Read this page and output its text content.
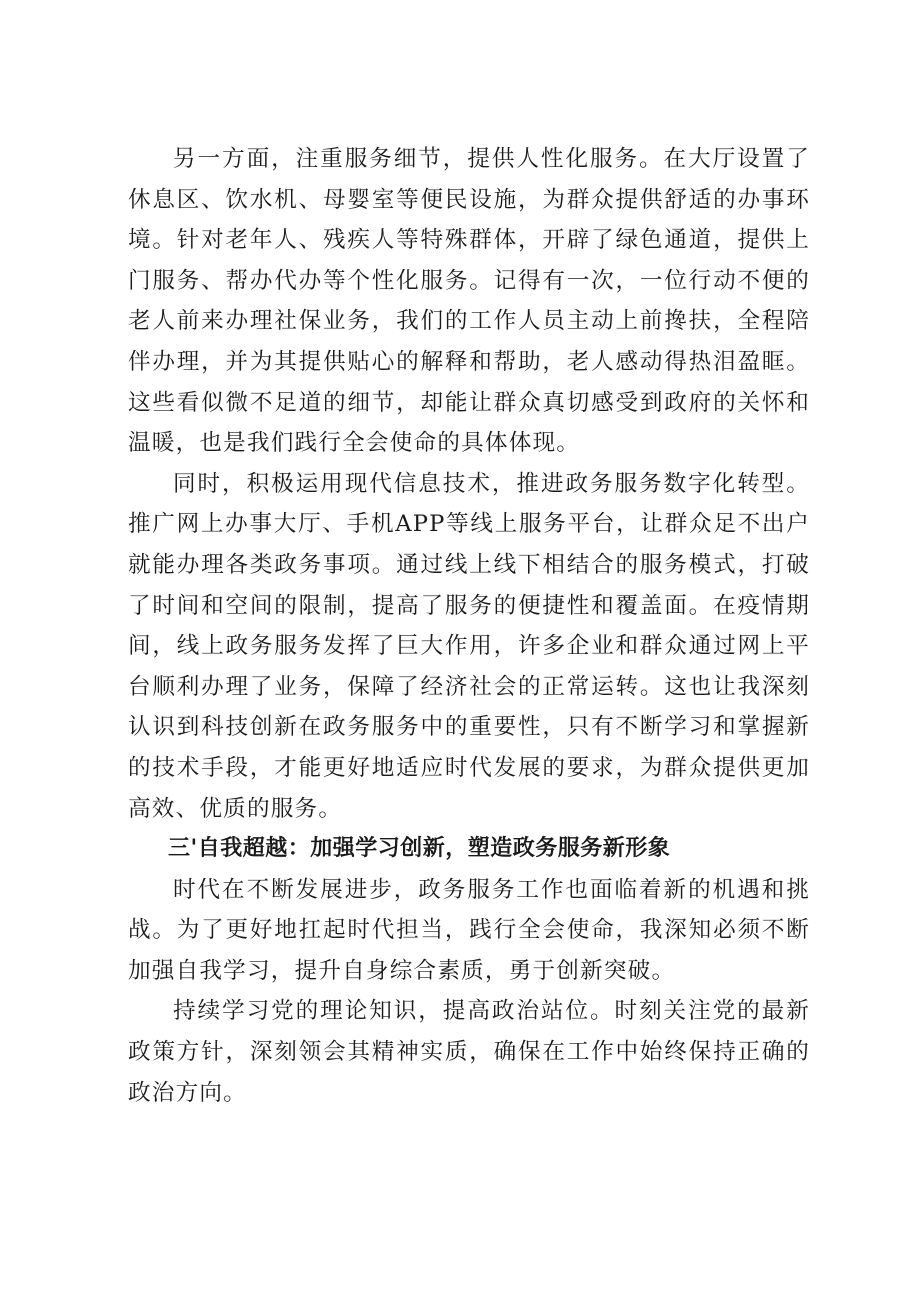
另一方面，注重服务细节，提供人性化服务。在大厅设置了休息区、饮水机、母婴室等便民设施，为群众提供舒适的办事环境。针对老年人、残疾人等特殊群体，开辟了绿色通道，提供上门服务、帮办代办等个性化服务。记得有一次，一位行动不便的老人前来办理社保业务，我们的工作人员主动上前搀扶，全程陪伴办理，并为其提供贴心的解释和帮助，老人感动得热泪盈眶。这些看似微不足道的细节，却能让群众真切感受到政府的关怀和温暖，也是我们践行全会使命的具体体现。

同时，积极运用现代信息技术，推进政务服务数字化转型。推广网上办事大厅、手机APP等线上服务平台，让群众足不出户就能办理各类政务事项。通过线上线下相结合的服务模式，打破了时间和空间的限制，提高了服务的便捷性和覆盖面。在疫情期间，线上政务服务发挥了巨大作用，许多企业和群众通过网上平台顺利办理了业务，保障了经济社会的正常运转。这也让我深刻认识到科技创新在政务服务中的重要性，只有不断学习和掌握新的技术手段，才能更好地适应时代发展的要求，为群众提供更加高效、优质的服务。

三'自我超越：加强学习创新，塑造政务服务新形象

时代在不断发展进步，政务服务工作也面临着新的机遇和挑战。为了更好地扛起时代担当，践行全会使命，我深知必须不断加强自我学习，提升自身综合素质，勇于创新突破。

持续学习党的理论知识，提高政治站位。时刻关注党的最新政策方针，深刻领会其精神实质，确保在工作中始终保持正确的政治方向。
